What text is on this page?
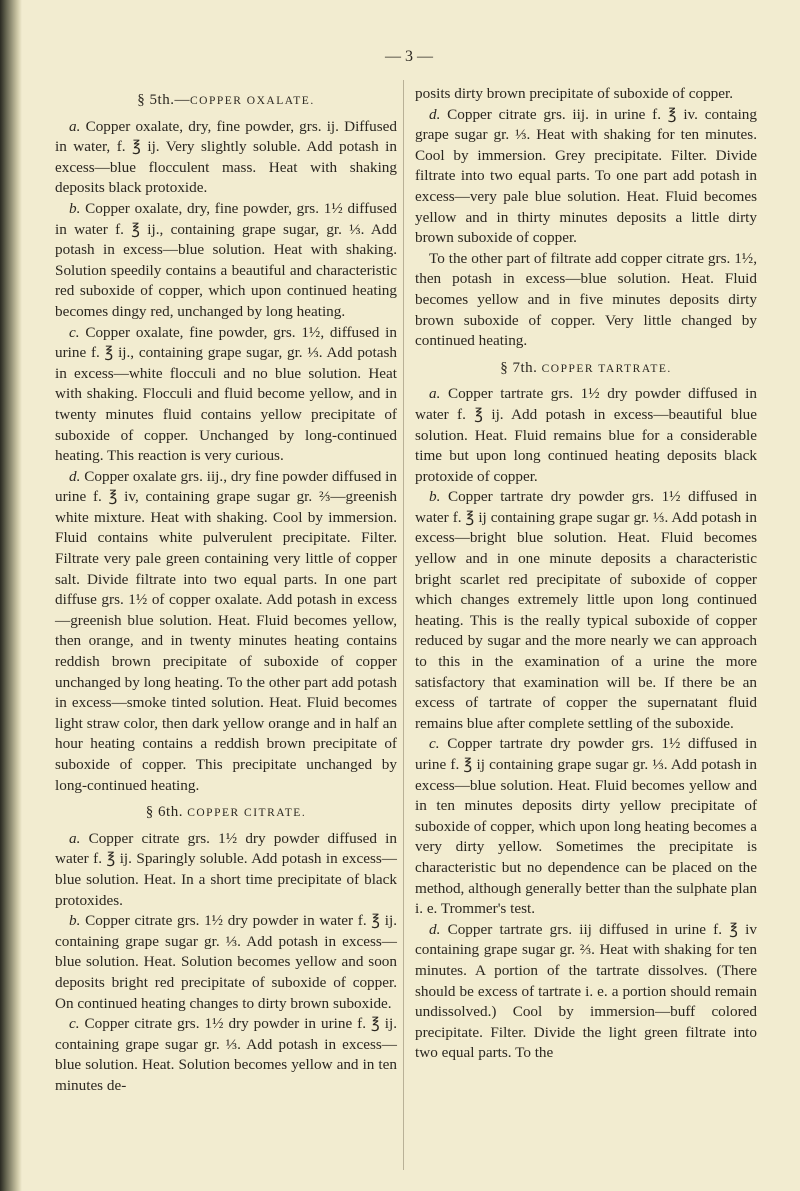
— 3 —
§ 5th.—COPPER OXALATE.

a. Copper oxalate, dry, fine powder, grs. ij. Diffused in water, f. ℥ ij. Very slightly soluble. Add potash in excess—blue flocculent mass. Heat with shaking deposits black protoxide.

b. Copper oxalate, dry, fine powder, grs. 1½ diffused in water f. ℥ ij., containing grape sugar, gr. ⅓. Add potash in excess—blue solution. Heat with shaking. Solution speedily contains a beautiful and characteristic red suboxide of copper, which upon continued heating becomes dingy red, unchanged by long heating.

c. Copper oxalate, fine powder, grs. 1½, diffused in urine f. ℥ ij., containing grape sugar, gr. ⅓. Add potash in excess—white flocculi and no blue solution. Heat with shaking. Flocculi and fluid become yellow, and in twenty minutes fluid contains yellow precipitate of suboxide of copper. Unchanged by long-continued heating. This reaction is very curious.

d. Copper oxalate grs. iij., dry fine powder diffused in urine f. ℥ iv, containing grape sugar gr. ⅔—greenish white mixture. Heat with shaking. Cool by immersion. Fluid contains white pulverulent precipitate. Filter. Filtrate very pale green containing very little of copper salt. Divide filtrate into two equal parts. In one part diffuse grs. 1½ of copper oxalate. Add potash in excess—greenish blue solution. Heat. Fluid becomes yellow, then orange, and in twenty minutes heating contains reddish brown precipitate of suboxide of copper unchanged by long heating. To the other part add potash in excess—smoke tinted solution. Heat. Fluid becomes light straw color, then dark yellow orange and in half an hour heating contains a reddish brown precipitate of suboxide of copper. This precipitate unchanged by long-continued heating.

§ 6th. COPPER CITRATE.

a. Copper citrate grs. 1½ dry powder diffused in water f. ℥ ij. Sparingly soluble. Add potash in excess—blue solution. Heat. In a short time precipitate of black protoxides.

b. Copper citrate grs. 1½ dry powder in water f. ℥ ij. containing grape sugar gr. ⅓. Add potash in excess—blue solution. Heat. Solution becomes yellow and soon deposits bright red precipitate of suboxide of copper. On continued heating changes to dirty brown suboxide.

c. Copper citrate grs. 1½ dry powder in urine f. ℥ ij. containing grape sugar gr. ⅓. Add potash in excess—blue solution. Heat. Solution becomes yellow and in ten minutes de-

posits dirty brown precipitate of suboxide of copper.

d. Copper citrate grs. iij. in urine f. ℥ iv. containg grape sugar gr. ⅓. Heat with shaking for ten minutes. Cool by immersion. Grey precipitate. Filter. Divide filtrate into two equal parts. To one part add potash in excess—very pale blue solution. Heat. Fluid becomes yellow and in thirty minutes deposits a little dirty brown suboxide of copper.

To the other part of filtrate add copper citrate grs. 1½, then potash in excess—blue solution. Heat. Fluid becomes yellow and in five minutes deposits dirty brown suboxide of copper. Very little changed by continued heating.

§ 7th. COPPER TARTRATE.

a. Copper tartrate grs. 1½ dry powder diffused in water f. ℥ ij. Add potash in excess—beautiful blue solution. Heat. Fluid remains blue for a considerable time but upon long continued heating deposits black protoxide of copper.

b. Copper tartrate dry powder grs. 1½ diffused in water f. ℥ ij containing grape sugar gr. ⅓. Add potash in excess—bright blue solution. Heat. Fluid becomes yellow and in one minute deposits a characteristic bright scarlet red precipitate of suboxide of copper which changes extremely little upon long continued heating. This is the really typical suboxide of copper reduced by sugar and the more nearly we can approach to this in the examination of a urine the more satisfactory that examination will be. If there be an excess of tartrate of copper the supernatant fluid remains blue after complete settling of the suboxide.

c. Copper tartrate dry powder grs. 1½ diffused in urine f. ℥ ij containing grape sugar gr. ⅓. Add potash in excess—blue solution. Heat. Fluid becomes yellow and in ten minutes deposits dirty yellow precipitate of suboxide of copper, which upon long heating becomes a very dirty yellow. Sometimes the precipitate is characteristic but no dependence can be placed on the method, although generally better than the sulphate plan i. e. Trommer's test.

d. Copper tartrate grs. iij diffused in urine f. ℥ iv containing grape sugar gr. ⅔. Heat with shaking for ten minutes. A portion of the tartrate dissolves. (There should be excess of tartrate i. e. a portion should remain undissolved.) Cool by immersion—buff colored precipitate. Filter. Divide the light green filtrate into two equal parts. To the
